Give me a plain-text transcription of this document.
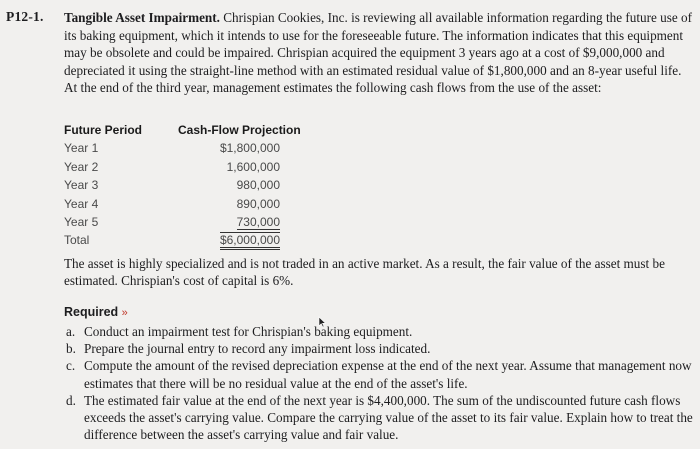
P12-1. Tangible Asset Impairment. Chrispian Cookies, Inc. is reviewing all available information regarding the future use of its baking equipment, which it intends to use for the foreseeable future. The information indicates that this equipment may be obsolete and could be impaired. Chrispian acquired the equipment 3 years ago at a cost of $9,000,000 and depreciated it using the straight-line method with an estimated residual value of $1,800,000 and an 8-year useful life. At the end of the third year, management estimates the following cash flows from the use of the asset:
Future Period	Cash-Flow Projection
Year 1	$1,800,000
Year 2	1,600,000
Year 3	980,000
Year 4	890,000
Year 5	730,000
Total	$6,000,000
The asset is highly specialized and is not traded in an active market. As a result, the fair value of the asset must be estimated. Chrispian's cost of capital is 6%.
Required »
a. Conduct an impairment test for Chrispian's baking equipment.
b. Prepare the journal entry to record any impairment loss indicated.
c. Compute the amount of the revised depreciation expense at the end of the next year. Assume that management now estimates that there will be no residual value at the end of the asset's life.
d. The estimated fair value at the end of the next year is $4,400,000. The sum of the undiscounted future cash flows exceeds the asset's carrying value. Compare the carrying value of the asset to its fair value. Explain how to treat the difference between the asset's carrying value and fair value.
